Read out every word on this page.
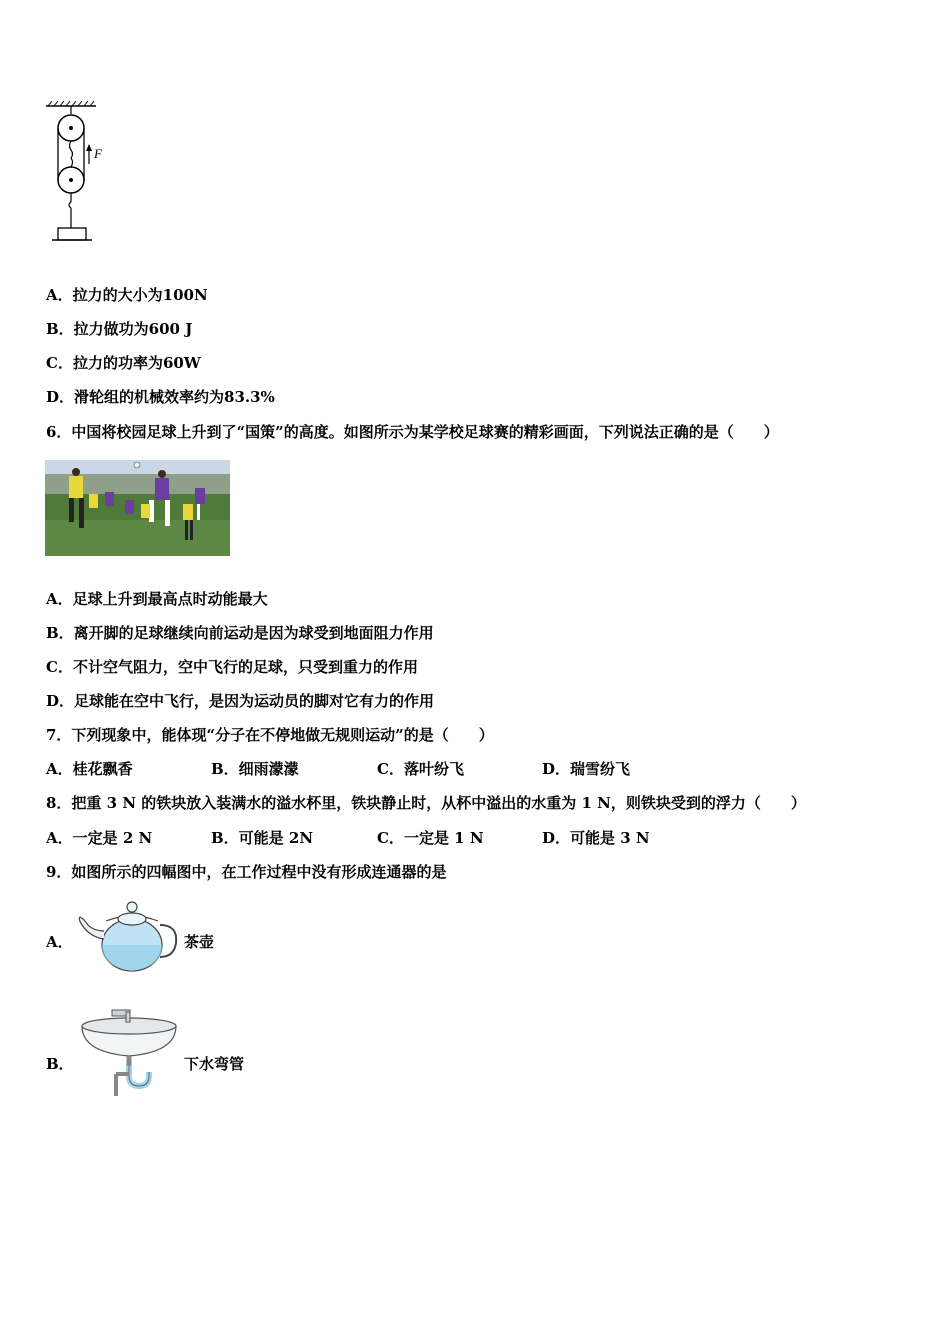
F
A．拉力的大小为100N
B．拉力做功为600 J
C．拉力的功率为60W
D．滑轮组的机械效率约为83.3%
6．中国将校园足球上升到了“国策”的高度。如图所示为某学校足球赛的精彩画面，下列说法正确的是（　　）
A．足球上升到最高点时动能最大
B．离开脚的足球继续向前运动是因为球受到地面阻力作用
C．不计空气阻力，空中飞行的足球，只受到重力的作用
D．足球能在空中飞行，是因为运动员的脚对它有力的作用
7．下列现象中，能体现“分子在不停地做无规则运动”的是（　　）
A．桂花飘香	B．细雨濛濛	C．落叶纷飞	D．瑞雪纷飞
8．把重 3 N 的铁块放入装满水的溢水杯里，铁块静止时，从杯中溢出的水重为 1 N，则铁块受到的浮力（　　）
A．一定是 2 N	B．可能是 2N	C．一定是 1 N	D．可能是 3 N
9．如图所示的四幅图中，在工作过程中没有形成连通器的是
A．	茶壶
B．	下水弯管
